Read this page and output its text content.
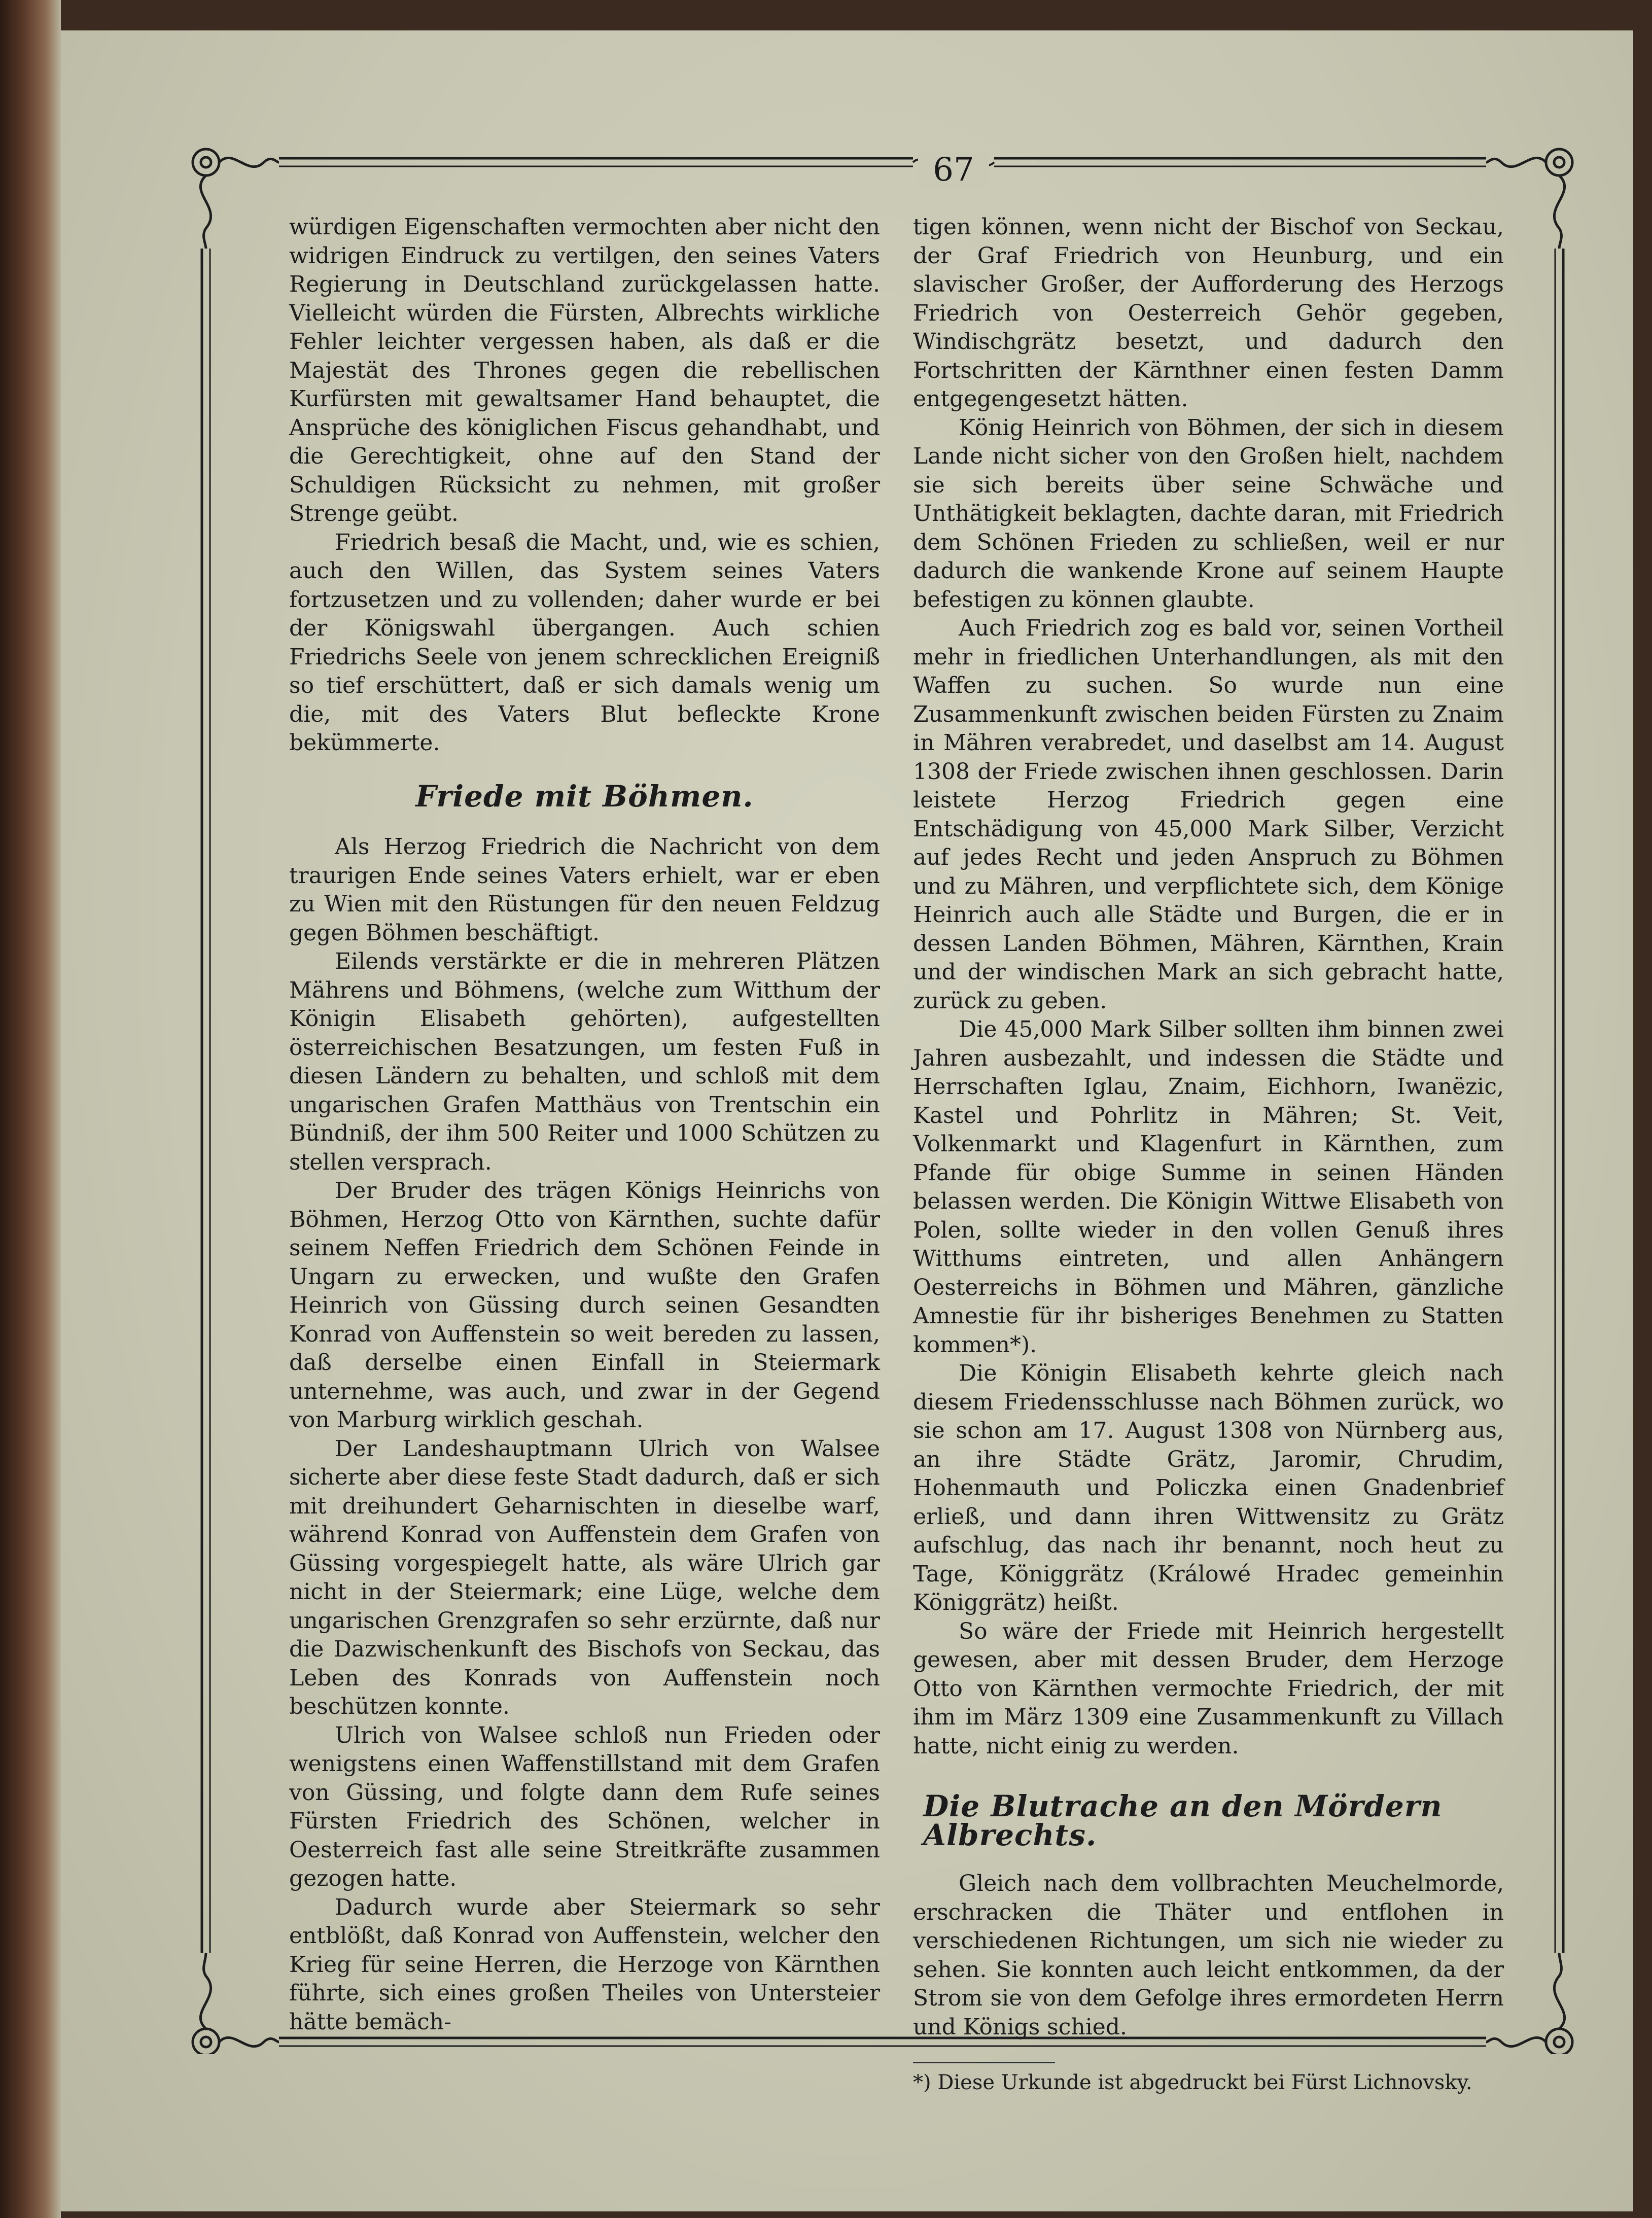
67

würdigen Eigenschaften vermochten aber nicht den widrigen Eindruck zu vertilgen, den seines Vaters Regierung in Deutschland zurückgelassen hatte. Vielleicht würden die Fürsten, Albrechts wirkliche Fehler leichter vergessen haben, als daß er die Majestät des Thrones gegen die rebellischen Kurfürsten mit gewaltsamer Hand behauptet, die Ansprüche des königlichen Fiscus gehandhabt, und die Gerechtigkeit, ohne auf den Stand der Schuldigen Rücksicht zu nehmen, mit großer Strenge geübt.

Friedrich besaß die Macht, und, wie es schien, auch den Willen, das System seines Vaters fortzusetzen und zu vollenden; daher wurde er bei der Königswahl übergangen. Auch schien Friedrichs Seele von jenem schrecklichen Ereigniß so tief erschüttert, daß er sich damals wenig um die, mit des Vaters Blut befleckte Krone bekümmerte.

Friede mit Böhmen.

Als Herzog Friedrich die Nachricht von dem traurigen Ende seines Vaters erhielt, war er eben zu Wien mit den Rüstungen für den neuen Feldzug gegen Böhmen beschäftigt.

Eilends verstärkte er die in mehreren Plätzen Mährens und Böhmens, (welche zum Witthum der Königin Elisabeth gehörten), aufgestellten österreichischen Besatzungen, um festen Fuß in diesen Ländern zu behalten, und schloß mit dem ungarischen Grafen Matthäus von Trentschin ein Bündniß, der ihm 500 Reiter und 1000 Schützen zu stellen versprach.

Der Bruder des trägen Königs Heinrichs von Böhmen, Herzog Otto von Kärnthen, suchte dafür seinem Neffen Friedrich dem Schönen Feinde in Ungarn zu erwecken, und wußte den Grafen Heinrich von Güssing durch seinen Gesandten Konrad von Auffenstein so weit bereden zu lassen, daß derselbe einen Einfall in Steiermark unternehme, was auch, und zwar in der Gegend von Marburg wirklich geschah.

Der Landeshauptmann Ulrich von Walsee sicherte aber diese feste Stadt dadurch, daß er sich mit dreihundert Geharnischten in dieselbe warf, während Konrad von Auffenstein dem Grafen von Güssing vorgespiegelt hatte, als wäre Ulrich gar nicht in der Steiermark; eine Lüge, welche dem ungarischen Grenzgrafen so sehr erzürnte, daß nur die Dazwischenkunft des Bischofs von Seckau, das Leben des Konrads von Auffenstein noch beschützen konnte.

Ulrich von Walsee schloß nun Frieden oder wenigstens einen Waffenstillstand mit dem Grafen von Güssing, und folgte dann dem Rufe seines Fürsten Friedrich des Schönen, welcher in Oesterreich fast alle seine Streitkräfte zusammen gezogen hatte.

Dadurch wurde aber Steiermark so sehr entblößt, daß Konrad von Auffenstein, welcher den Krieg für seine Herren, die Herzoge von Kärnthen führte, sich eines großen Theiles von Untersteier hätte bemäch-

tigen können, wenn nicht der Bischof von Seckau, der Graf Friedrich von Heunburg, und ein slavischer Großer, der Aufforderung des Herzogs Friedrich von Oesterreich Gehör gegeben, Windischgrätz besetzt, und dadurch den Fortschritten der Kärnthner einen festen Damm entgegengesetzt hätten.

König Heinrich von Böhmen, der sich in diesem Lande nicht sicher von den Großen hielt, nachdem sie sich bereits über seine Schwäche und Unthätigkeit beklagten, dachte daran, mit Friedrich dem Schönen Frieden zu schließen, weil er nur dadurch die wankende Krone auf seinem Haupte befestigen zu können glaubte.

Auch Friedrich zog es bald vor, seinen Vortheil mehr in friedlichen Unterhandlungen, als mit den Waffen zu suchen. So wurde nun eine Zusammenkunft zwischen beiden Fürsten zu Znaim in Mähren verabredet, und daselbst am 14. August 1308 der Friede zwischen ihnen geschlossen. Darin leistete Herzog Friedrich gegen eine Entschädigung von 45,000 Mark Silber, Verzicht auf jedes Recht und jeden Anspruch zu Böhmen und zu Mähren, und verpflichtete sich, dem Könige Heinrich auch alle Städte und Burgen, die er in dessen Landen Böhmen, Mähren, Kärnthen, Krain und der windischen Mark an sich gebracht hatte, zurück zu geben.

Die 45,000 Mark Silber sollten ihm binnen zwei Jahren ausbezahlt, und indessen die Städte und Herrschaften Iglau, Znaim, Eichhorn, Iwanëzic, Kastel und Pohrlitz in Mähren; St. Veit, Volkenmarkt und Klagenfurt in Kärnthen, zum Pfande für obige Summe in seinen Händen belassen werden. Die Königin Wittwe Elisabeth von Polen, sollte wieder in den vollen Genuß ihres Witthums eintreten, und allen Anhängern Oesterreichs in Böhmen und Mähren, gänzliche Amnestie für ihr bisheriges Benehmen zu Statten kommen*).

Die Königin Elisabeth kehrte gleich nach diesem Friedensschlusse nach Böhmen zurück, wo sie schon am 17. August 1308 von Nürnberg aus, an ihre Städte Grätz, Jaromir, Chrudim, Hohenmauth und Policzka einen Gnadenbrief erließ, und dann ihren Wittwensitz zu Grätz aufschlug, das nach ihr benannt, noch heut zu Tage, Königgrätz (Králowé Hradec gemeinhin Königgrätz) heißt.

So wäre der Friede mit Heinrich hergestellt gewesen, aber mit dessen Bruder, dem Herzoge Otto von Kärnthen vermochte Friedrich, der mit ihm im März 1309 eine Zusammenkunft zu Villach hatte, nicht einig zu werden.

Die Blutrache an den Mördern Albrechts.

Gleich nach dem vollbrachten Meuchelmorde, erschracken die Thäter und entflohen in verschiedenen Richtungen, um sich nie wieder zu sehen. Sie konnten auch leicht entkommen, da der Strom sie von dem Gefolge ihres ermordeten Herrn und Königs schied.

*) Diese Urkunde ist abgedruckt bei Fürst Lichnovsky.
